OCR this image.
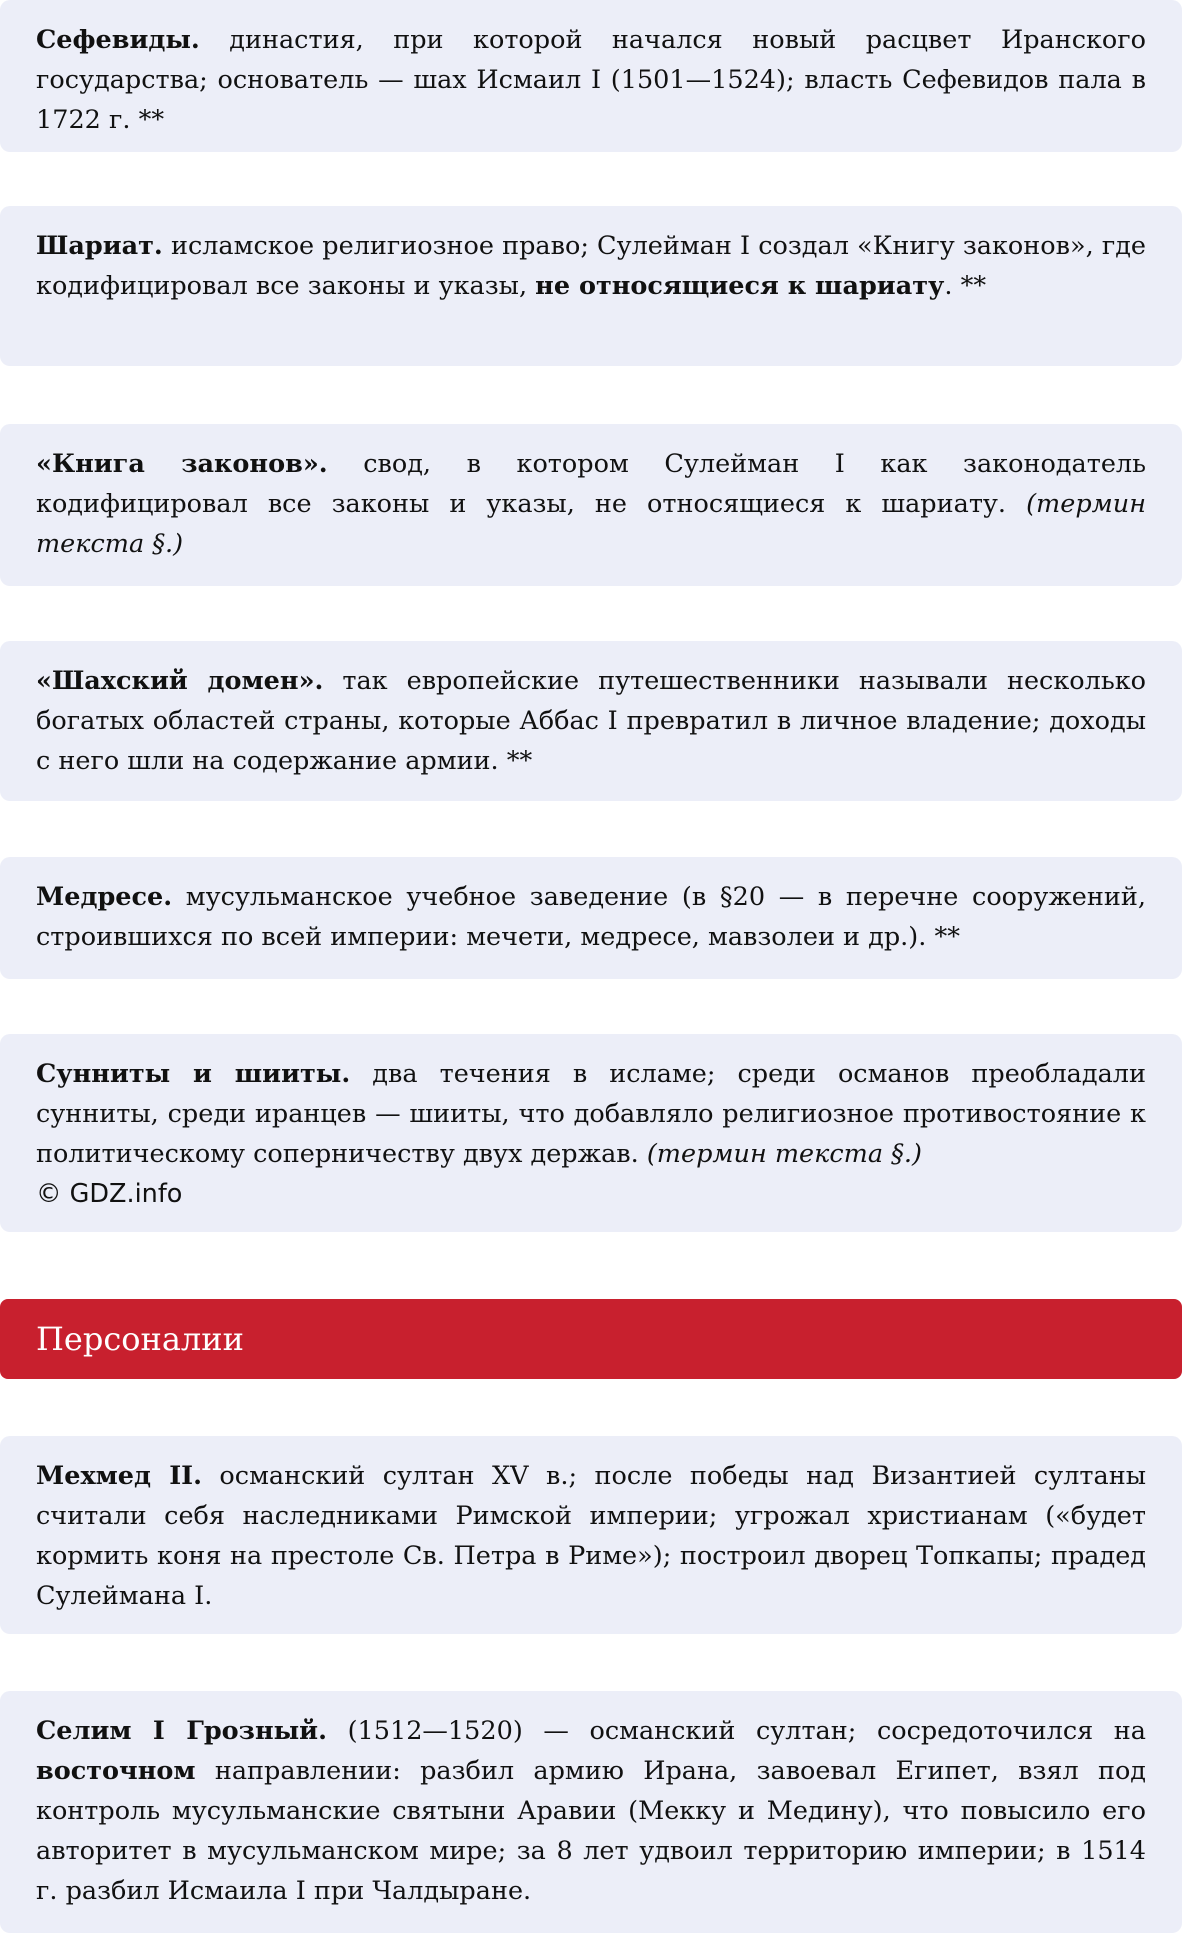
Сефевиды. династия, при которой начался новый расцвет Иранского государства; основатель — шах Исмаил I (1501—1524); власть Сефевидов пала в 1722 г. **
Шариат. исламское религиозное право; Сулейман I создал «Книгу законов», где кодифицировал все законы и указы, не относящиеся к шариату. **
«Книга законов». свод, в котором Сулейман I как законодатель кодифицировал все законы и указы, не относящиеся к шариату. (термин текста §.)
«Шахский домен». так европейские путешественники называли несколько богатых областей страны, которые Аббас I превратил в личное владение; доходы с него шли на содержание армии. **
Медресе. мусульманское учебное заведение (в §20 — в перечне сооружений, строившихся по всей империи: мечети, медресе, мавзолеи и др.). **
Сунниты и шииты. два течения в исламе; среди османов преобладали сунниты, среди иранцев — шииты, что добавляло религиозное противостояние к политическому соперничеству двух держав. (термин текста §.)
© GDZ.info
Персоналии
Мехмед II. османский султан XV в.; после победы над Византией султаны считали себя наследниками Римской империи; угрожал христианам («будет кормить коня на престоле Св. Петра в Риме»); построил дворец Топкапы; прадед Сулеймана I.
Селим I Грозный. (1512—1520) — османский султан; сосредоточился на восточном направлении: разбил армию Ирана, завоевал Египет, взял под контроль мусульманские святыни Аравии (Мекку и Медину), что повысило его авторитет в мусульманском мире; за 8 лет удвоил территорию империи; в 1514 г. разбил Исмаила I при Чалдыране.
